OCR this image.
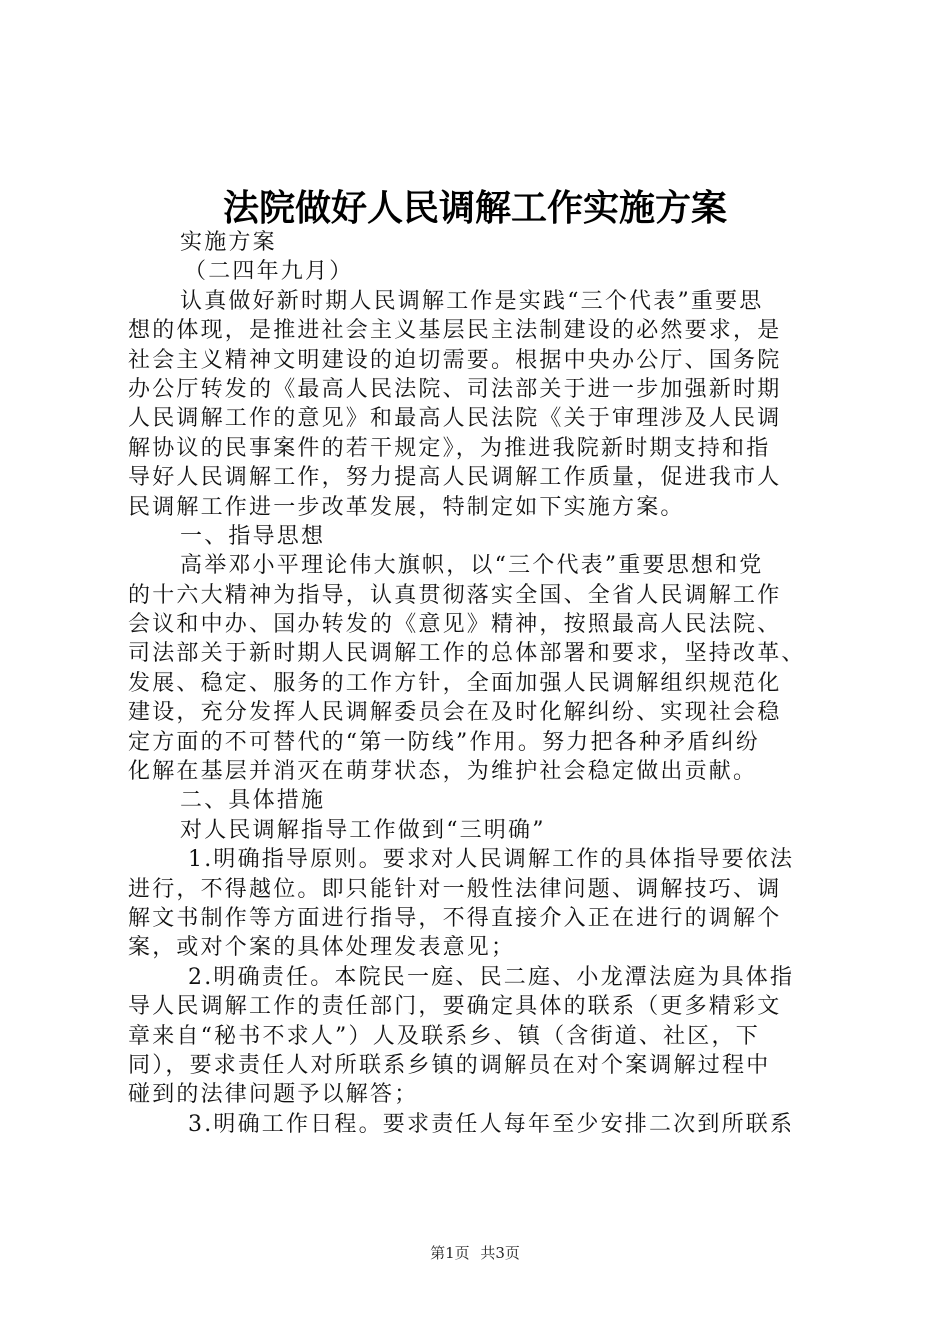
法院做好人民调解工作实施方案
实施方案
（二四年九月）
认真做好新时期人民调解工作是实践“三个代表”重要思
想的体现，是推进社会主义基层民主法制建设的必然要求，是
社会主义精神文明建设的迫切需要。根据中央办公厅、国务院
办公厅转发的《最高人民法院、司法部关于进一步加强新时期
人民调解工作的意见》和最高人民法院《关于审理涉及人民调
解协议的民事案件的若干规定》，为推进我院新时期支持和指
导好人民调解工作，努力提高人民调解工作质量，促进我市人
民调解工作进一步改革发展，特制定如下实施方案。
一、指导思想
高举邓小平理论伟大旗帜，以“三个代表”重要思想和党
的十六大精神为指导，认真贯彻落实全国、全省人民调解工作
会议和中办、国办转发的《意见》精神，按照最高人民法院、
司法部关于新时期人民调解工作的总体部署和要求，坚持改革、
发展、稳定、服务的工作方针，全面加强人民调解组织规范化
建设，充分发挥人民调解委员会在及时化解纠纷、实现社会稳
定方面的不可替代的“第一防线”作用。努力把各种矛盾纠纷
化解在基层并消灭在萌芽状态，为维护社会稳定做出贡献。
二、具体措施
对人民调解指导工作做到“三明确”
1.明确指导原则。要求对人民调解工作的具体指导要依法
进行，不得越位。即只能针对一般性法律问题、调解技巧、调
解文书制作等方面进行指导，不得直接介入正在进行的调解个
案，或对个案的具体处理发表意见；
2.明确责任。本院民一庭、民二庭、小龙潭法庭为具体指
导人民调解工作的责任部门，要确定具体的联系（更多精彩文
章来自“秘书不求人”）人及联系乡、镇（含街道、社区，下
同），要求责任人对所联系乡镇的调解员在对个案调解过程中
碰到的法律问题予以解答；
3.明确工作日程。要求责任人每年至少安排二次到所联系
第1页 共3页
